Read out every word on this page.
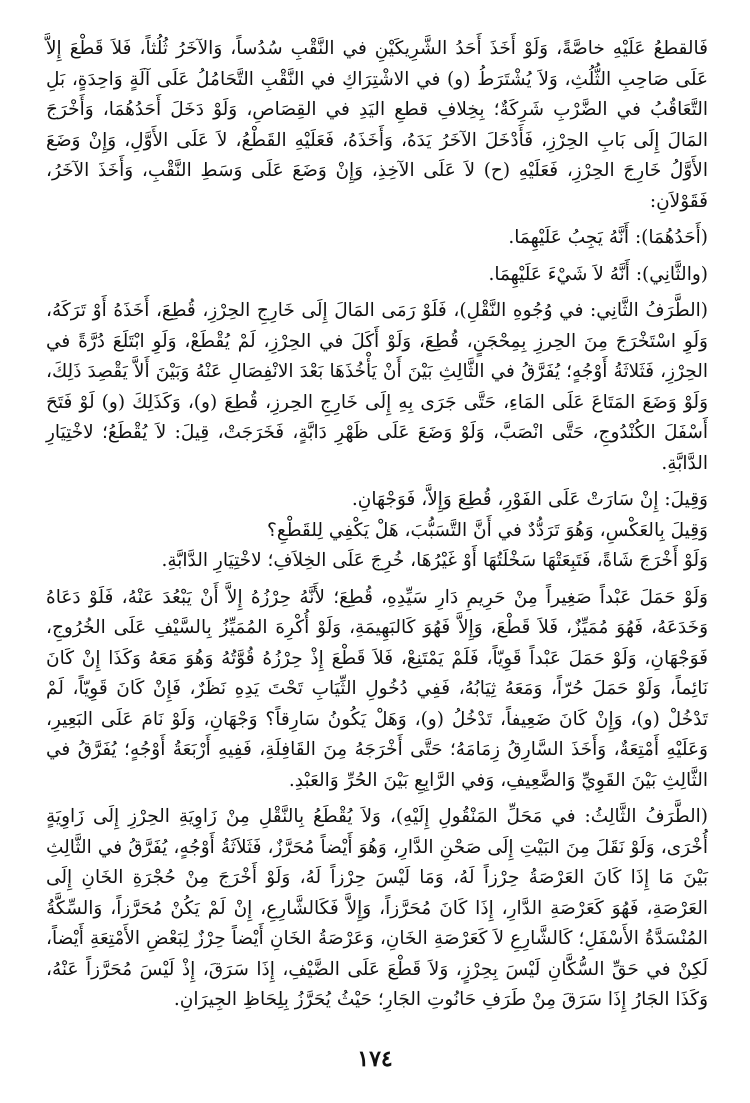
فَالقطعُ عَلَيْهِ خاصَّةً، وَلَوْ أَخَذَ أَحَدُ الشَّرِيكَيْنِ في النَّقْبِ سُدُساً، وَالآخَرُ ثُلُثاً، فَلاَ قَطْعَ إِلاَّ عَلَى صَاحِبِ الثُّلُثِ، وَلاَ يُشْتَرَطُ (و) في الاشْتِرَاكِ في النَّقْبِ التَّحَامُلُ عَلَى آلَةٍ وَاحِدَةٍ، بَلِ التَّعَاقُبُ في الضَّرْبِ شَرِكَةٌ؛ بِخِلافِ قطعِ اليَدِ في القِصَاصِ، وَلَوْ دَخَلَ أَحَدُهُمَا، وَأَخْرَجَ المَالَ إِلَى بَابِ الحِرْزِ، فَأَدْخَلَ الآخَرُ يَدَهُ، وَأَخَذَهُ، فَعَلَيْهِ القَطْعُ، لاَ عَلَى الأَوَّلِ، وَإِنْ وَضَعَ الأَوَّلُ خَارِجَ الحِرْزِ، فَعَلَيْهِ (ح) لاَ عَلَى الآخِذِ، وَإِنْ وَضَعَ عَلَى وَسَطِ النَّقْبِ، وَأَخَذَ الآخَرُ، فَقَوْلاَنِ:

(أَحَدُهُمَا): أَنَّهُ يَجِبُ عَلَيْهِمَا.

(والثَّانِي): أَنَّهُ لاَ شَيْءَ عَلَيْهِمَا.

(الطَّرَفُ الثَّانِي: في وُجُوهِ النَّقْلِ)، فَلَوْ رَمَى المَالَ إِلَى خَارِجِ الحِرْزِ، قُطِعَ، أَخَذَهُ أَوْ تَرَكَهُ، وَلَوِ اسْتَخْرَجَ مِنَ الحِرزِ بِمِحْجَنٍ، قُطِعَ، وَلَوْ أَكَلَ في الحِرْزِ، لَمْ يُقْطَعْ، وَلَوِ ابْتَلَعَ دُرَّةً في الحِرْزِ، فَثَلاثَةُ أَوْجُهٍ؛ يُفَرَّقُ في الثَّالِثِ بَيْنَ أَنْ يَأْخُذَهَا بَعْدَ الانْفِصَالِ عَنْهُ وَبَيْنَ أَلاَّ يَقْصِدَ ذَلِكَ، وَلَوْ وَضَعَ المَتَاعَ عَلَى المَاءِ، حَتَّى جَرَى بِهِ إِلَى خَارِجِ الحِرزِ، قُطِعَ (و)، وَكَذَلِكَ (و) لَوْ فَتَحَ أَسْفَلَ الكُنْدُوجِ، حَتَّى انْصَبَّ، وَلَوْ وَضَعَ عَلَى ظَهْرِ دَابَّةٍ، فَخَرَجَتْ، قِيلَ: لاَ يُقْطَعُ؛ لاخْتِيَارِ الدَّابَّةِ.

وَقِيلَ: إِنْ سَارَتْ عَلَى الفَوْرِ، قُطِعَ وَإِلاَّ، فَوَجْهَانِ.

وَقِيلَ بِالعَكْسِ، وَهُوَ تَرَدُّدٌ في أَنَّ التَّسَبُّبَ، هَلْ يَكْفِي لِلقَطْعِ؟

وَلَوْ أَخْرَجَ شَاةً، فَتَبِعَتْهَا سَخْلَتُهَا أَوْ غَيْرُهَا، خُرِجَ عَلَى الخِلاَفِ؛ لاخْتِيَارِ الدَّابَّةِ.

وَلَوْ حَمَلَ عَبْداً صَغِيراً مِنْ حَرِيمِ دَارِ سَيِّدِهِ، قُطِعَ؛ لأَنَّهُ حِرْزُهُ إِلاَّ أَنْ يَبْعُدَ عَنْهُ، فَلَوْ دَعَاهُ وَخَدَعَهُ، فَهُوَ مُمَيِّزٌ، فَلاَ قَطْعَ، وَإِلاَّ فَهُوَ كَالبَهِيمَةِ، وَلَوْ أُكْرِهَ المُمَيِّزُ بِالسَّيْفِ عَلَى الخُرُوجِ، فَوَجْهَانِ، وَلَوْ حَمَلَ عَبْداً قَوِيّاً، فَلَمْ يَمْتَنِعْ، فَلاَ قَطْعَ إِذْ حِرْزُهُ قُوَّتُهُ وَهُوَ مَعَهُ وَكَذَا إِنْ كَانَ نَائِماً، وَلَوْ حَمَلَ حُرّاً، وَمَعَهُ ثِيَابُهُ، فَفِي دُخُولِ الثِّيَابِ تَحْتَ يَدِهِ نَظَرٌ، فَإِنْ كَانَ قَوِيّاً، لَمْ تَدْخُلْ (و)، وَإِنْ كَانَ ضَعِيفاً، تَدْخُلُ (و)، وَهَلْ يَكُونُ سَارِقاً؟ وَجْهَانِ، وَلَوْ نَامَ عَلَى البَعِيرِ، وَعَلَيْهِ أَمْتِعَةٌ، وَأَخَذَ السَّارِقُ زِمَامَهُ؛ حَتَّى أَخْرَجَهُ مِنَ القَافِلَةِ، فَفِيهِ أَرْبَعَةُ أَوْجُهٍ؛ يُفَرَّقُ في الثَّالِثِ بَيْنَ القَوِيِّ وَالضَّعِيفِ، وَفي الرَّابِعِ بَيْنَ الحُرِّ وَالعَبْدِ.

(الطَّرَفُ الثَّالِثُ: في مَحَلِّ المَنْقُولِ إِلَيْهِ)، وَلاَ يُقْطَعُ بِالنَّقْلِ مِنْ زَاوِيَةِ الحِرْزِ إِلَى زَاوِيَةٍ أُخْرَى، وَلَوْ نَقَلَ مِنَ البَيْتِ إِلَى صَحْنِ الدَّارِ، وَهُوَ أَيْضاً مُحَرَّزٌ، فَثَلاَثَةُ أَوْجُهٍ، يُفَرَّقُ في الثَّالِثِ بَيْنَ مَا إِذَا كَانَ العَرْصَةُ حِرْزاً لَهُ، وَمَا لَيْسَ حِرْزاً لَهُ، وَلَوْ أَخْرَجَ مِنْ حُجْرَةِ الخَانِ إِلَى العَرْصَةِ، فَهُوَ كَعَرْصَةِ الدَّارِ، إِذَا كَانَ مُحَرَّزاً، وَإِلاَّ فَكَالشَّارِعِ، إِنْ لَمْ يَكُنْ مُحَرَّزاً، وَالسِّكَّةُ المُنْسَدَّةُ الأَسْفَلِ؛ كَالشَّارِعِ لاَ كَعَرْصَةِ الخَانِ، وَعَرْصَةُ الخَانِ أَيْضاً حِرْزٌ لِبَعْضِ الأَمْتِعَةِ أَيْضاً، لَكِنْ في حَقِّ السُّكَّانِ لَيْسَ بِحِرْزٍ، وَلاَ قَطْعَ عَلَى الضَّيْفِ، إِذَا سَرَقَ، إِذْ لَيْسَ مُحَرَّزاً عَنْهُ، وَكَذَا الجَارُ إِذَا سَرَقَ مِنْ طَرَفِ حَانُوتِ الجَارِ؛ حَيْثُ يُحَرَّزُ بِلِحَاظِ الجِيرَانِ.

١٧٤
